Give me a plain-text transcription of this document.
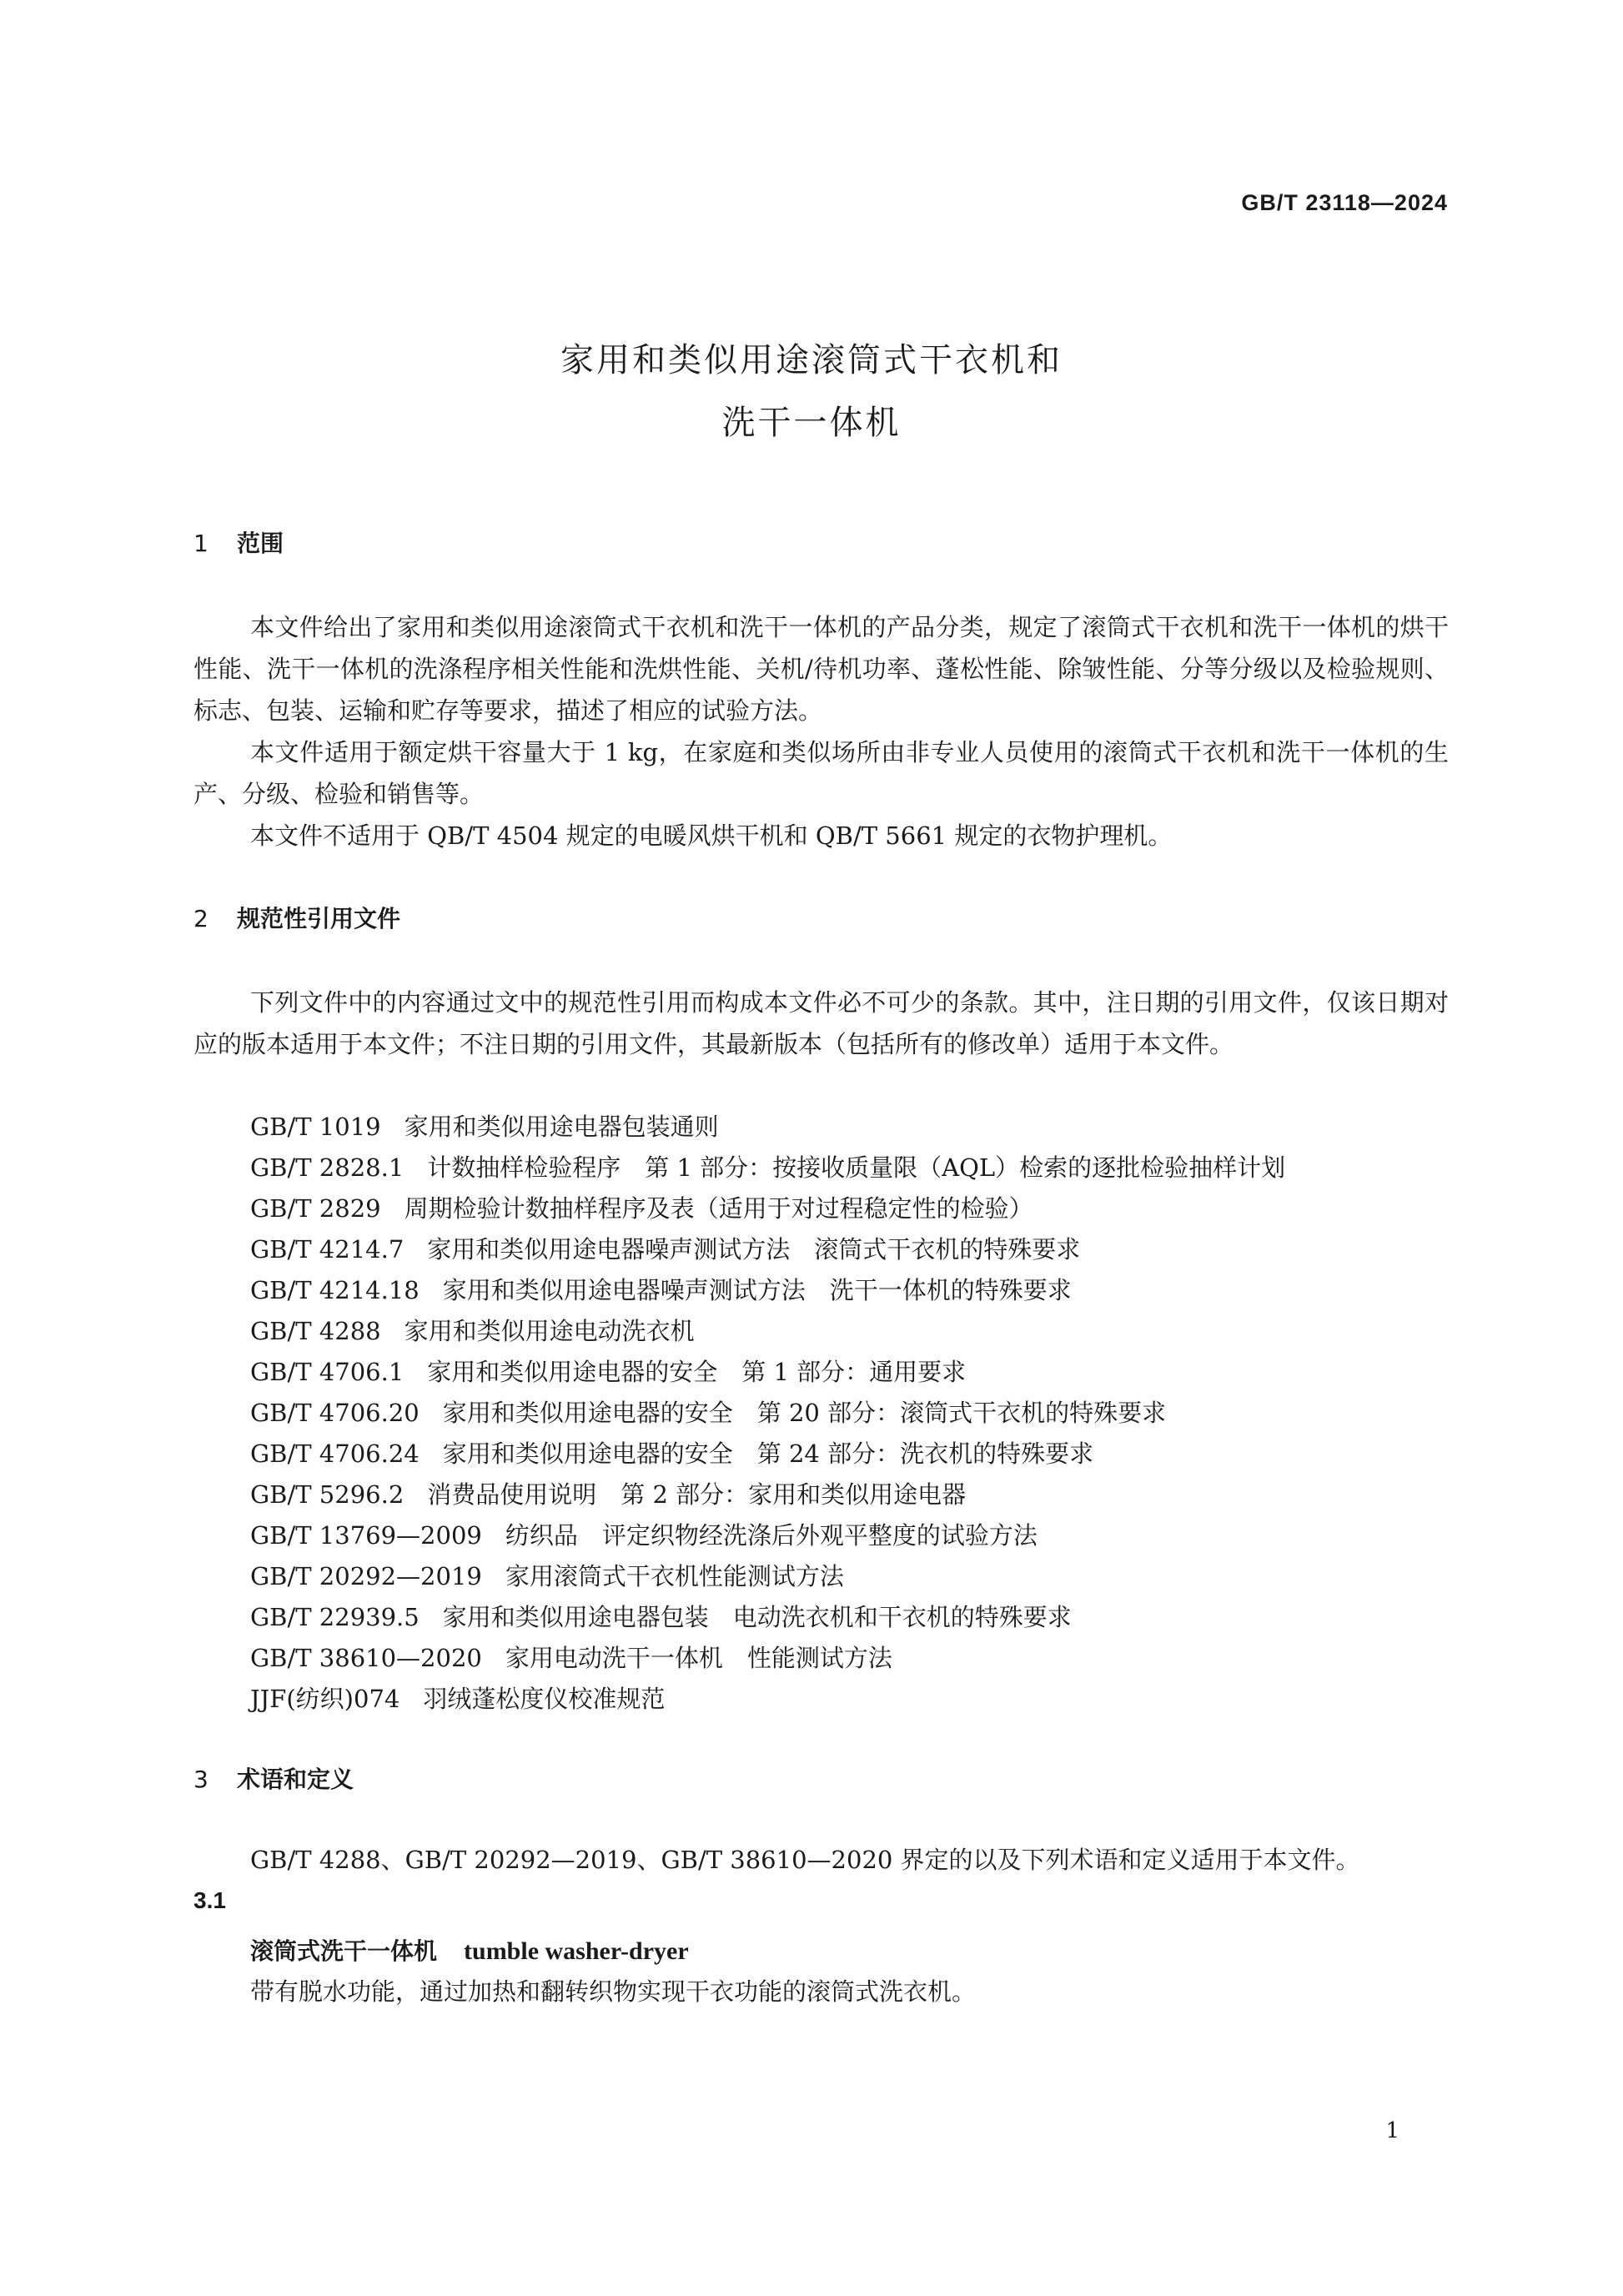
GB/T 23118—2024
家用和类似用途滚筒式干衣机和
洗干一体机
1 范围
本文件给出了家用和类似用途滚筒式干衣机和洗干一体机的产品分类，规定了滚筒式干衣机和洗干一体机的烘干性能、洗干一体机的洗涤程序相关性能和洗烘性能、关机/待机功率、蓬松性能、除皱性能、分等分级以及检验规则、标志、包装、运输和贮存等要求，描述了相应的试验方法。
本文件适用于额定烘干容量大于 1 kg，在家庭和类似场所由非专业人员使用的滚筒式干衣机和洗干一体机的生产、分级、检验和销售等。
本文件不适用于 QB/T 4504 规定的电暖风烘干机和 QB/T 5661 规定的衣物护理机。
2 规范性引用文件
下列文件中的内容通过文中的规范性引用而构成本文件必不可少的条款。其中，注日期的引用文件，仅该日期对应的版本适用于本文件；不注日期的引用文件，其最新版本（包括所有的修改单）适用于本文件。
GB/T 1019 家用和类似用途电器包装通则
GB/T 2828.1 计数抽样检验程序　第 1 部分：按接收质量限（AQL）检索的逐批检验抽样计划
GB/T 2829 周期检验计数抽样程序及表（适用于对过程稳定性的检验）
GB/T 4214.7 家用和类似用途电器噪声测试方法　滚筒式干衣机的特殊要求
GB/T 4214.18 家用和类似用途电器噪声测试方法　洗干一体机的特殊要求
GB/T 4288 家用和类似用途电动洗衣机
GB/T 4706.1 家用和类似用途电器的安全　第 1 部分：通用要求
GB/T 4706.20 家用和类似用途电器的安全　第 20 部分：滚筒式干衣机的特殊要求
GB/T 4706.24 家用和类似用途电器的安全　第 24 部分：洗衣机的特殊要求
GB/T 5296.2 消费品使用说明　第 2 部分：家用和类似用途电器
GB/T 13769—2009 纺织品　评定织物经洗涤后外观平整度的试验方法
GB/T 20292—2019 家用滚筒式干衣机性能测试方法
GB/T 22939.5 家用和类似用途电器包装　电动洗衣机和干衣机的特殊要求
GB/T 38610—2020 家用电动洗干一体机　性能测试方法
JJF(纺织)074 羽绒蓬松度仪校准规范
3 术语和定义
GB/T 4288、GB/T 20292—2019、GB/T 38610—2020 界定的以及下列术语和定义适用于本文件。
3.1
滚筒式洗干一体机 tumble washer-dryer
带有脱水功能，通过加热和翻转织物实现干衣功能的滚筒式洗衣机。
1
